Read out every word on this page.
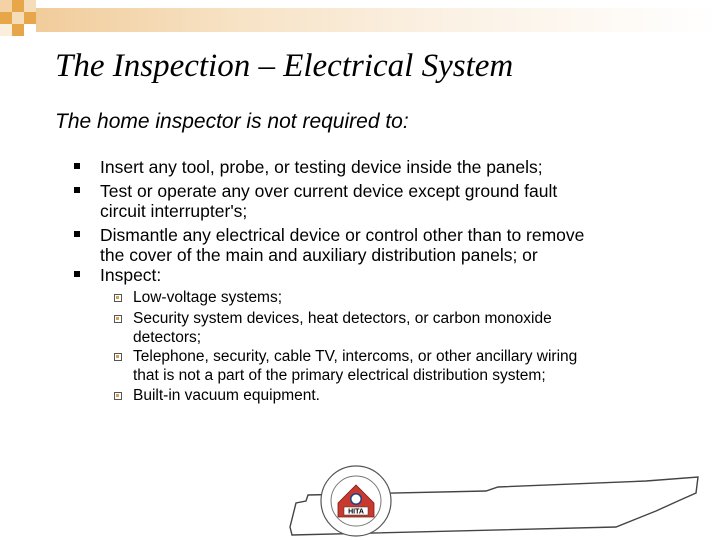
The Inspection – Electrical System
The home inspector is not required to:
Insert any tool, probe, or testing device inside the panels;
Test or operate any over current device except ground fault
circuit interrupter's;
Dismantle any electrical device or control other than to remove
the cover of the main and auxiliary distribution panels; or
Inspect:
Low-voltage systems;
Security system devices, heat detectors, or carbon monoxide
detectors;
Telephone, security, cable TV, intercoms, or other ancillary wiring
that is not a part of the primary electrical distribution system;
Built-in vacuum equipment.
HITA
